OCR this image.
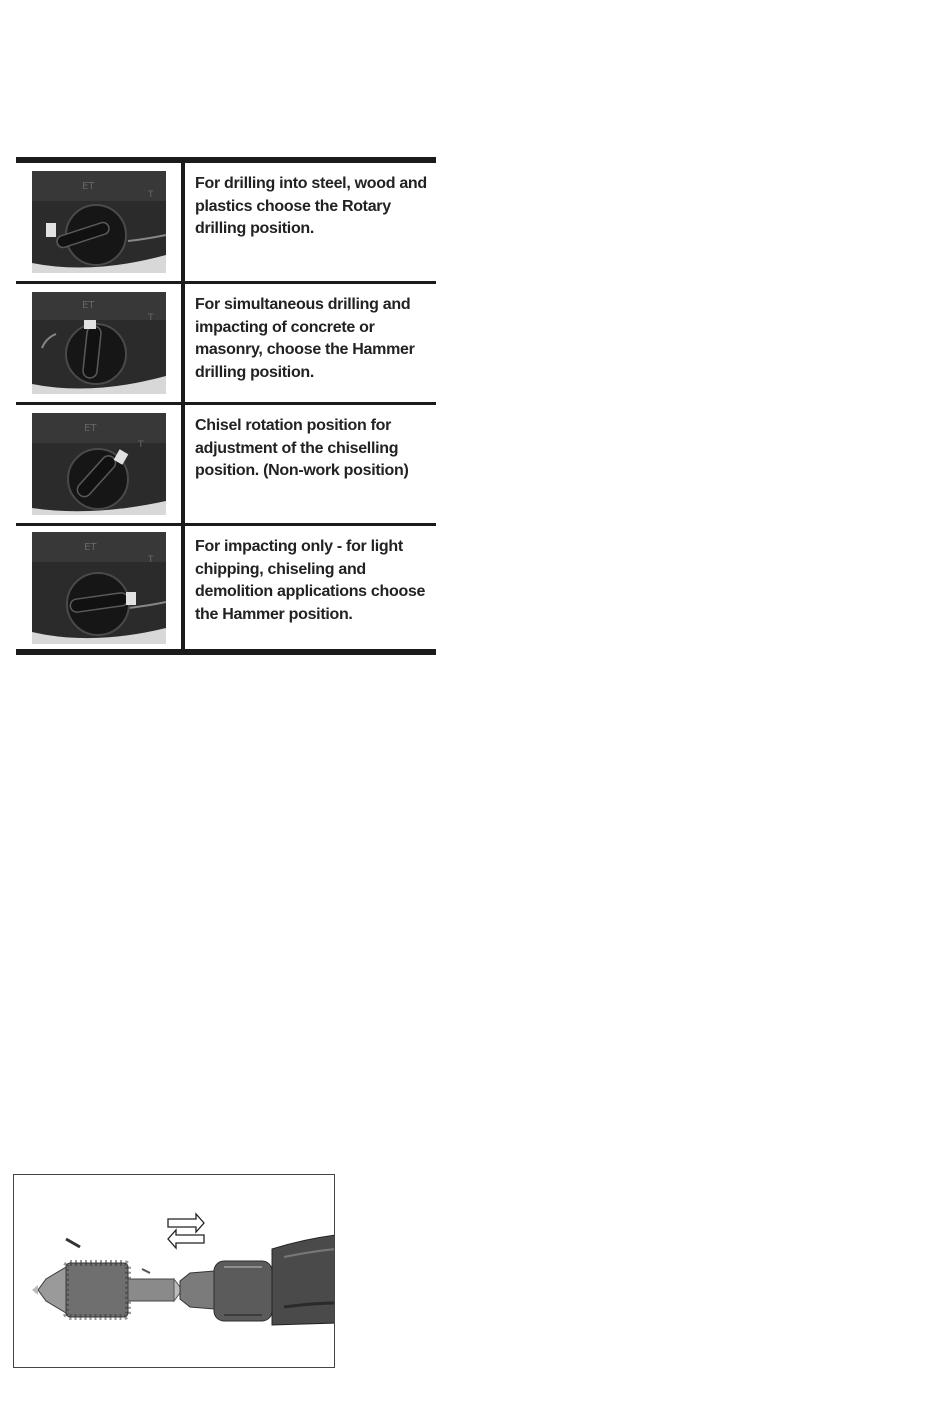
ET
T
For drilling into steel, wood and plastics choose the Rotary drilling position.
ET
T
For simultaneous drilling and impacting of concrete or masonry, choose the Hammer drilling position.
ET
T
Chisel rotation position for adjustment of the chiselling position. (Non-work position)
ET
T
For impacting only - for light chipping, chiseling and demolition applications choose the Hammer position.
